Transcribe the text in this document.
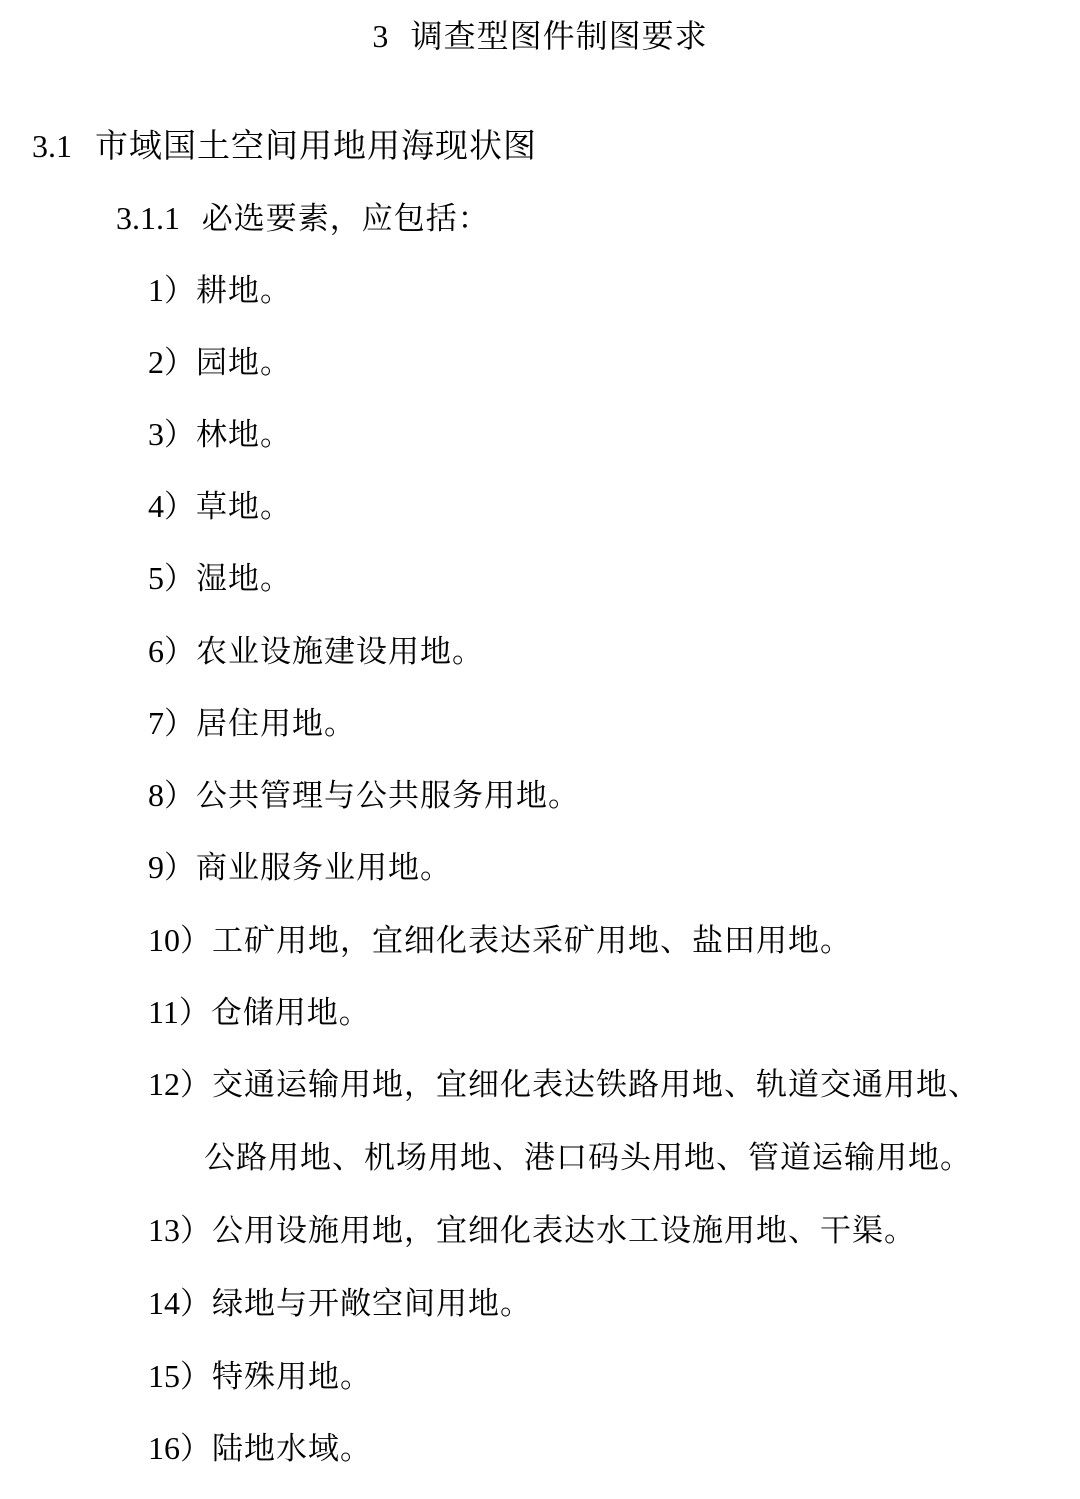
3 调查型图件制图要求
3.1 市域国土空间用地用海现状图
3.1.1 必选要素，应包括：
1）耕地。
2）园地。
3）林地。
4）草地。
5）湿地。
6）农业设施建设用地。
7）居住用地。
8）公共管理与公共服务用地。
9）商业服务业用地。
10）工矿用地，宜细化表达采矿用地、盐田用地。
11）仓储用地。
12）交通运输用地，宜细化表达铁路用地、轨道交通用地、
公路用地、机场用地、港口码头用地、管道运输用地。
13）公用设施用地，宜细化表达水工设施用地、干渠。
14）绿地与开敞空间用地。
15）特殊用地。
16）陆地水域。
